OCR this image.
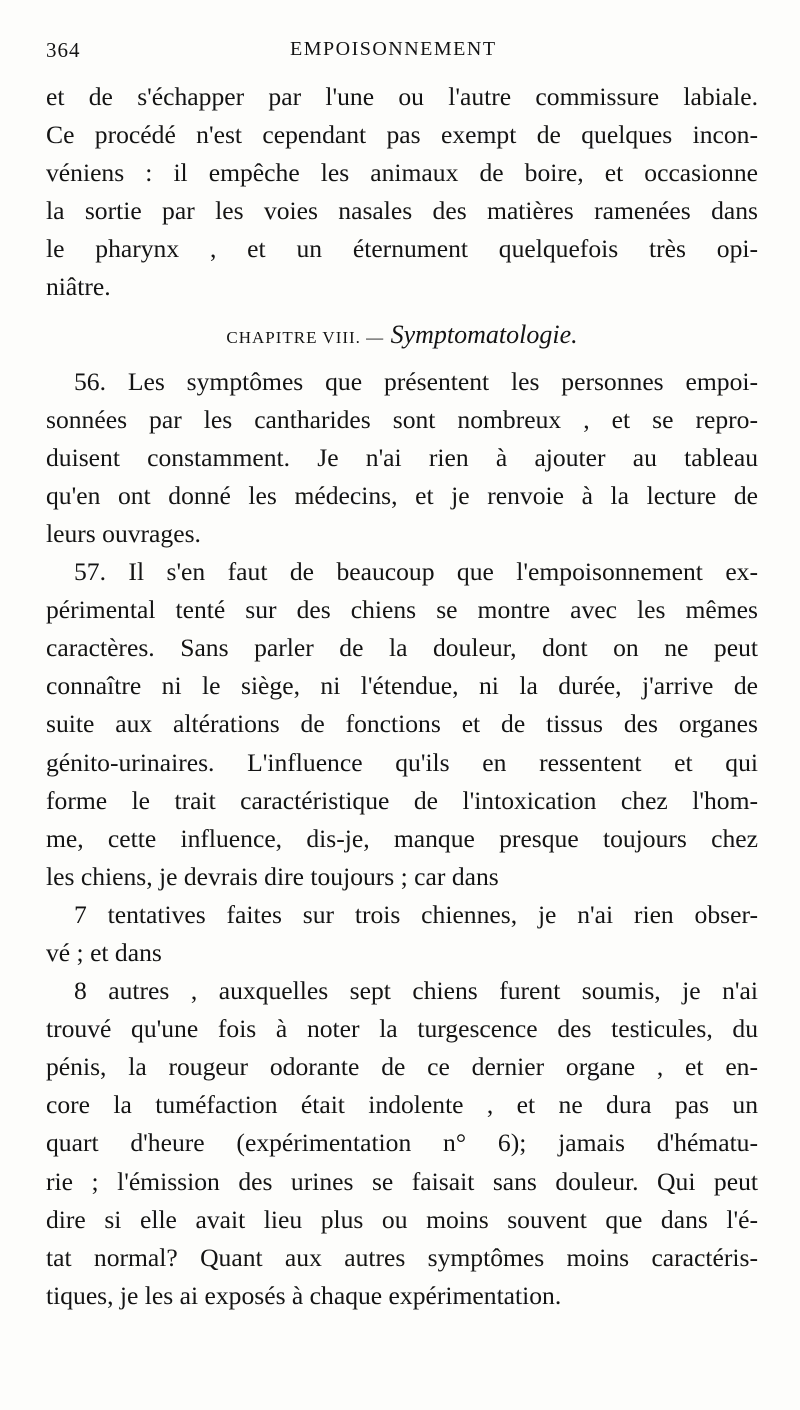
364	EMPOISONNEMENT
et de s'échapper par l'une ou l'autre commissure labiale.
Ce procédé n'est cependant pas exempt de quelques incon-
véniens : il empêche les animaux de boire, et occasionne
la sortie par les voies nasales des matières ramenées dans
le pharynx , et un éternument quelquefois très opi-
niâtre.
CHAPITRE VIII. — Symptomatologie.
56. Les symptômes que présentent les personnes empoi-
sonnées par les cantharides sont nombreux , et se repro-
duisent constamment. Je n'ai rien à ajouter au tableau
qu'en ont donné les médecins, et je renvoie à la lecture de
leurs ouvrages.
57. Il s'en faut de beaucoup que l'empoisonnement ex-
périmental tenté sur des chiens se montre avec les mêmes
caractères. Sans parler de la douleur, dont on ne peut
connaître ni le siège, ni l'étendue, ni la durée, j'arrive de
suite aux altérations de fonctions et de tissus des organes
génito-urinaires. L'influence qu'ils en ressentent et qui
forme le trait caractéristique de l'intoxication chez l'hom-
me, cette influence, dis-je, manque presque toujours chez
les chiens, je devrais dire toujours ; car dans
7 tentatives faites sur trois chiennes, je n'ai rien obser-
vé ; et dans
8 autres , auxquelles sept chiens furent soumis, je n'ai
trouvé qu'une fois à noter la turgescence des testicules, du
pénis, la rougeur odorante de ce dernier organe , et en-
core la tuméfaction était indolente , et ne dura pas un
quart d'heure (expérimentation n° 6); jamais d'hématu-
rie ; l'émission des urines se faisait sans douleur. Qui peut
dire si elle avait lieu plus ou moins souvent que dans l'é-
tat normal? Quant aux autres symptômes moins caractéris-
tiques, je les ai exposés à chaque expérimentation.
